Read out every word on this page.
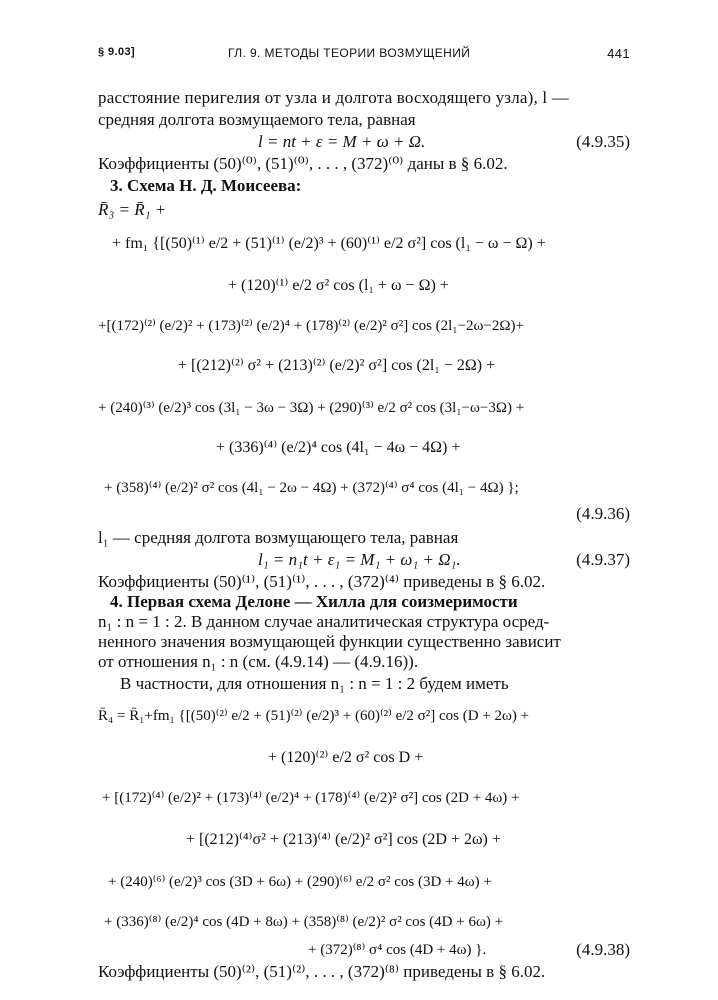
§ 9.03]	ГЛ. 9. МЕТОДЫ ТЕОРИИ ВОЗМУЩЕНИЙ	441
расстояние перигелия от узла и долгота восходящего узла), l —
средняя долгота возмущаемого тела, равная
l = nt + ε = M + ω + Ω.	(4.9.35)
Коэффициенты (50)⁽⁰⁾, (51)⁽⁰⁾, . . . , (372)⁽⁰⁾ даны в § 6.02.
3. Схема Н. Д. Моисеева:
R̄₃ = R̄₁ +
+ fm₁ {[(50)⁽¹⁾ e/2 + (51)⁽¹⁾ (e/2)³ + (60)⁽¹⁾ e/2 σ²] cos (l₁ − ω − Ω) +
+ (120)⁽¹⁾ e/2 σ² cos (l₁ + ω − Ω) +
+[(172)⁽²⁾ (e/2)² + (173)⁽²⁾ (e/2)⁴ + (178)⁽²⁾ (e/2)² σ²] cos (2l₁−2ω−2Ω)+
+ [(212)⁽²⁾ σ² + (213)⁽²⁾ (e/2)² σ²] cos (2l₁ − 2Ω) +
+ (240)⁽³⁾ (e/2)³ cos (3l₁ − 3ω − 3Ω) + (290)⁽³⁾ e/2 σ² cos (3l₁−ω−3Ω) +
+ (336)⁽⁴⁾ (e/2)⁴ cos (4l₁ − 4ω − 4Ω) +
+ (358)⁽⁴⁾ (e/2)² σ² cos (4l₁ − 2ω − 4Ω) + (372)⁽⁴⁾ σ⁴ cos (4l₁ − 4Ω) };
(4.9.36)
l₁ — средняя долгота возмущающего тела, равная
l₁ = n₁t + ε₁ = M₁ + ω₁ + Ω₁.	(4.9.37)
Коэффициенты (50)⁽¹⁾, (51)⁽¹⁾, . . . , (372)⁽⁴⁾ приведены в § 6.02.
4. Первая схема Делоне — Хилла для соизмеримости
n₁ : n = 1 : 2. В данном случае аналитическая структура осред-
ненного значения возмущающей функции существенно зависит
от отношения n₁ : n (см. (4.9.14) — (4.9.16)).
В частности, для отношения n₁ : n = 1 : 2 будем иметь
R̄₄ = R̄₁+fm₁ {[(50)⁽²⁾ e/2 + (51)⁽²⁾ (e/2)³ + (60)⁽²⁾ e/2 σ²] cos (D + 2ω) +
+ (120)⁽²⁾ e/2 σ² cos D +
+ [(172)⁽⁴⁾ (e/2)² + (173)⁽⁴⁾ (e/2)⁴ + (178)⁽⁴⁾ (e/2)² σ²] cos (2D + 4ω) +
+ [(212)⁽⁴⁾σ² + (213)⁽⁴⁾ (e/2)² σ²] cos (2D + 2ω) +
+ (240)⁽⁶⁾ (e/2)³ cos (3D + 6ω) + (290)⁽⁶⁾ e/2 σ² cos (3D + 4ω) +
+ (336)⁽⁸⁾ (e/2)⁴ cos (4D + 8ω) + (358)⁽⁸⁾ (e/2)² σ² cos (4D + 6ω) +
+ (372)⁽⁸⁾ σ⁴ cos (4D + 4ω) }.	(4.9.38)
Коэффициенты (50)⁽²⁾, (51)⁽²⁾, . . . , (372)⁽⁸⁾ приведены в § 6.02.
